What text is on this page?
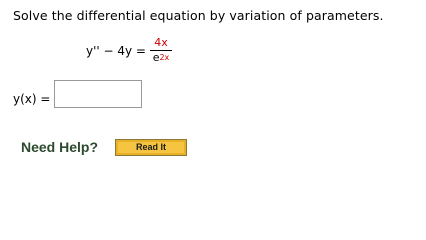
Solve the differential equation by variation of parameters.
y'' − 4y =
4x
$e^{2x}$
y(x) =
Need Help?	Read It
